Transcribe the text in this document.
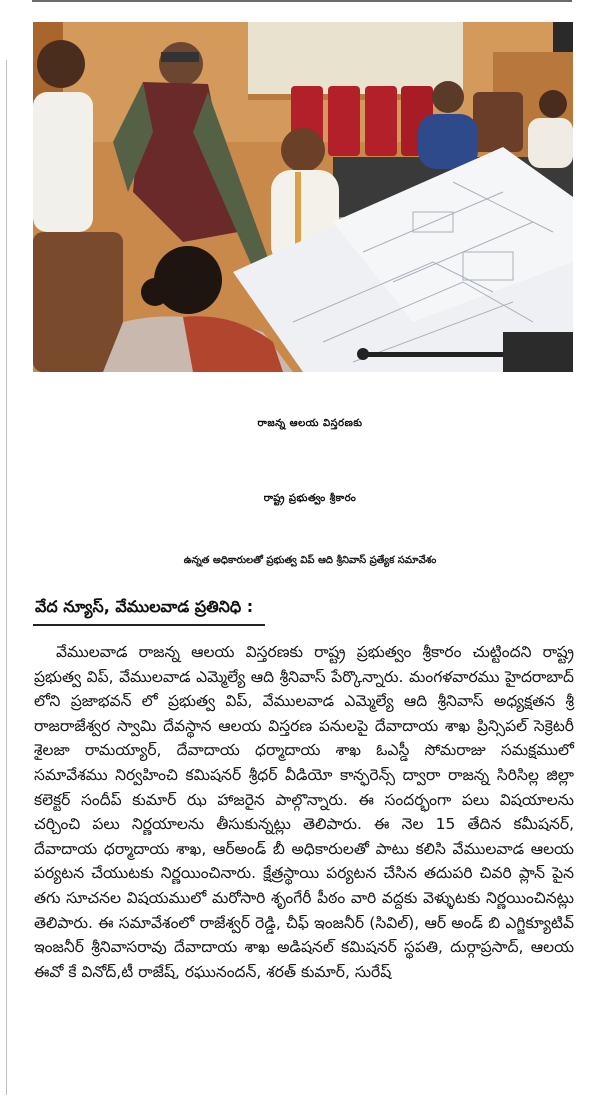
రాజన్న ఆలయ విస్తరణకు
రాష్ట్ర ప్రభుత్వం శ్రీకారం
ఉన్నత అధికారులతో ప్రభుత్వ విప్ ఆది శ్రీనివాస్ ప్రత్యేక సమావేశం
వేద న్యూస్, వేములవాడ ప్రతినిధి :
వేములవాడ రాజన్న ఆలయ విస్తరణకు రాష్ట్ర ప్రభుత్వం శ్రీకారం చుట్టిందని రాష్ట్ర ప్రభుత్వ విప్, వేములవాడ ఎమ్మెల్యే ఆది శ్రీనివాస్ పేర్కొన్నారు. మంగళవారము హైదరాబాద్ లోని ప్రజాభవన్ లో ప్రభుత్వ విప్, వేములవాడ ఎమ్మెల్యే ఆది శ్రీనివాస్ అధ్యక్షతన శ్రీ రాజరాజేశ్వర స్వామి దేవస్థాన ఆలయ విస్తరణ పనులపై దేవాదాయ శాఖ ప్రిన్సిపల్ సెక్రెటరీ శైలజా రామయ్యార్, దేవాదాయ ధర్మాదాయ శాఖ ఓఎస్డీ సోమరాజు సమక్షములో సమావేశము నిర్వహించి కమిషనర్ శ్రీధర్ వీడియో కాన్ఫరెన్స్ ద్వారా రాజన్న సిరిసిల్ల జిల్లా కలెక్టర్ సందీప్ కుమార్ ఝ హాజరైన పాల్గొన్నారు. ఈ సందర్భంగా పలు విషయాలను చర్చించి పలు నిర్ణయాలను తీసుకున్నట్లు తెలిపారు. ఈ నెల 15 తేదిన కమీషనర్, దేవాదాయ ధర్మాదాయ శాఖ, ఆర్అండ్ బీ అధికారులతో పాటు కలిసి వేములవాడ ఆలయ పర్యటన చేయుటకు నిర్ణయించినారు. క్షేత్రస్థాయి పర్యటన చేసిన తదుపరి చివరి ప్లాన్ పైన తగు సూచనల విషయములో మరోసారి శృంగేరీ పీఠం వారి వద్దకు వెళ్ళుటకు నిర్ణయించినట్లు తెలిపారు. ఈ సమావేశంలో రాజేశ్వర్ రెడ్డి, చీఫ్ ఇంజనీర్ (సివిల్), ఆర్ అండ్ బి ఎగ్జిక్యూటివ్ ఇంజనీర్ శ్రీనివాసరావు దేవాదాయ శాఖ అడిషనల్ కమిషనర్ స్థపతి, దుర్గాప్రసాద్, ఆలయ ఈవో కే వినోద్,టీ రాజేష్, రఘునందన్, శరత్ కుమార్, సురేష్
